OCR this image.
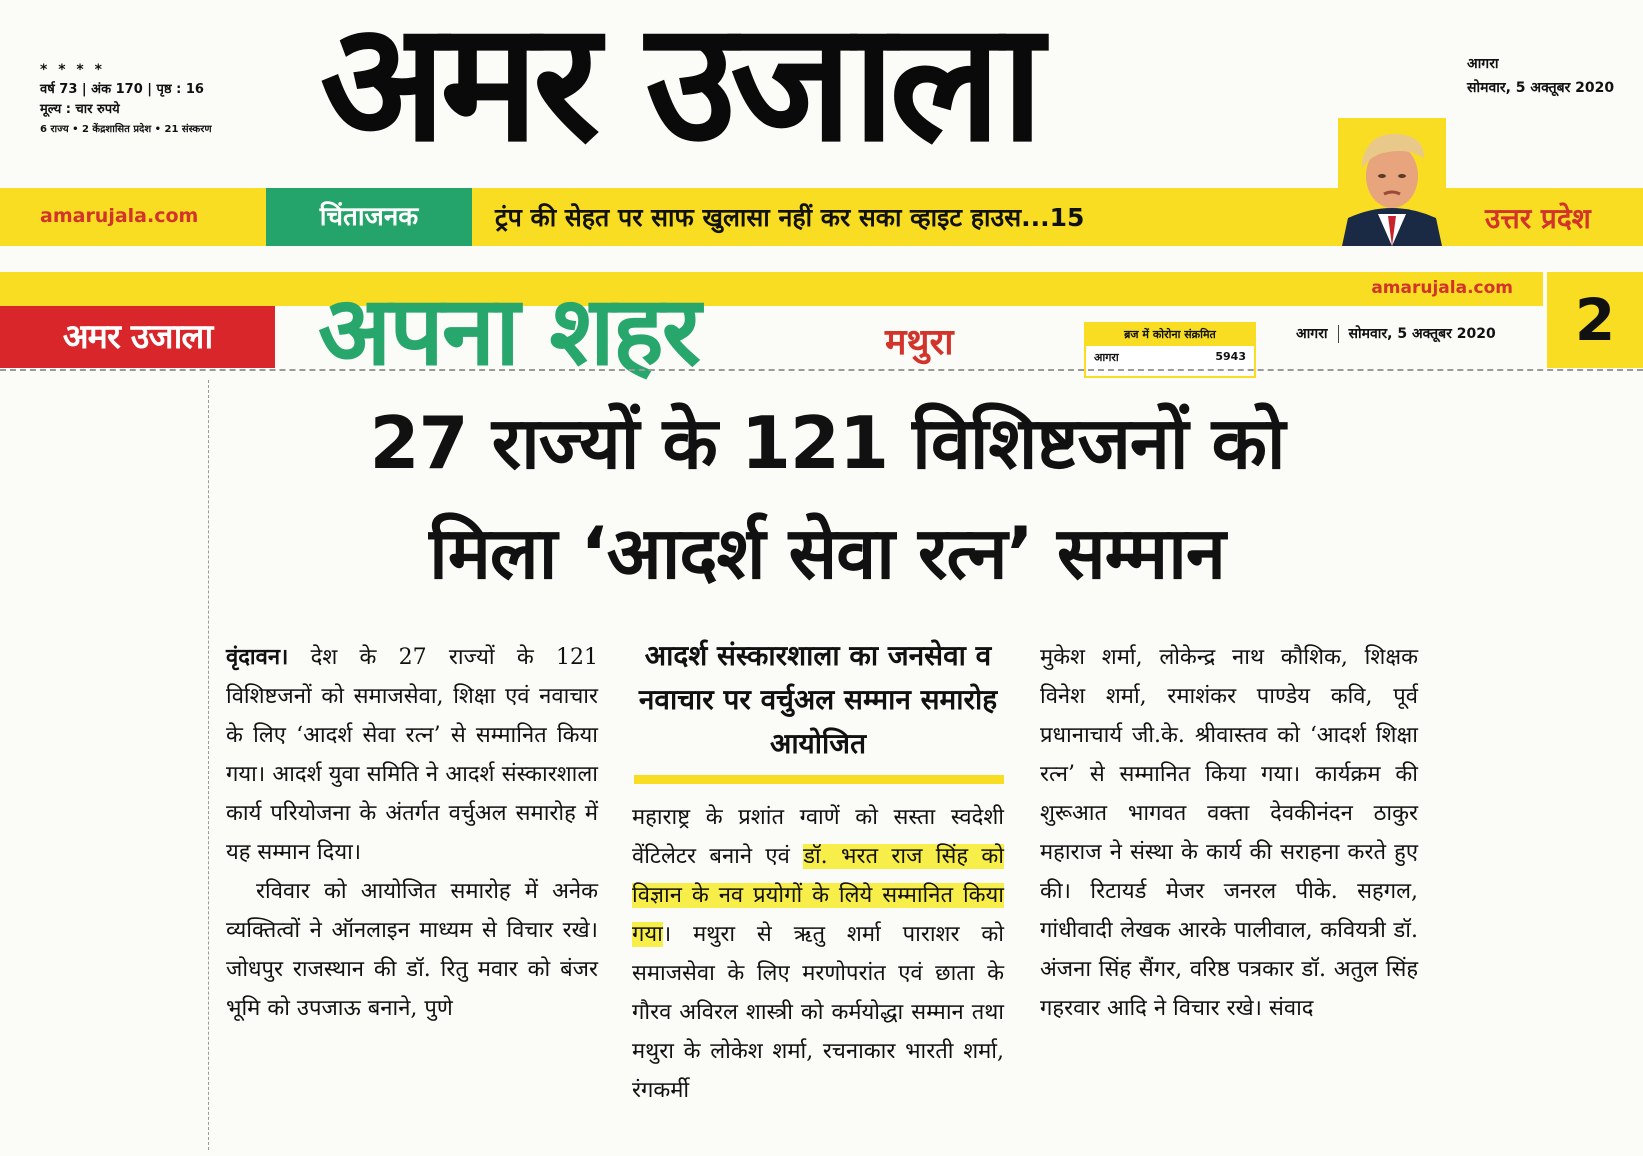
* * * *
वर्ष 73 | अंक 170 | पृष्ठ : 16
मूल्य : चार रुपये
6 राज्य • 2 केंद्रशासित प्रदेश • 21 संस्करण अमर उजाला	आगरा
सोमवार, 5 अक्तूबर 2020
amarujala.com	चिंताजनक	ट्रंप की सेहत पर साफ खुलासा नहीं कर सका व्हाइट हाउस...15	उत्तर प्रदेश
amarujala.com	2
अमर उजाला	अपना शहर	मथुरा	ब्रज में कोरोना संक्रमित
आगरा	5943
आगरा सोमवार, 5 अक्तूबर 2020
27 राज्यों के 121 विशिष्टजनों को
मिला ‘आदर्श सेवा रत्न’ सम्मान

वृंदावन। देश के 27 राज्यों के 121 विशिष्टजनों को समाजसेवा, शिक्षा एवं नवाचार के लिए ‘आदर्श सेवा रत्न’ से सम्मानित किया गया। आदर्श युवा समिति ने आदर्श संस्कारशाला कार्य परियोजना के अंतर्गत वर्चुअल समारोह में यह सम्मान दिया।

रविवार को आयोजित समारोह में अनेक व्यक्तित्वों ने ऑनलाइन माध्यम से विचार रखे। जोधपुर राजस्थान की डॉ. रितु मवार को बंजर भूमि को उपजाऊ बनाने, पुणे

आदर्श संस्कारशाला का जनसेवा व नवाचार पर वर्चुअल सम्मान समारोह आयोजित

महाराष्ट्र के प्रशांत ग्वाणें को सस्ता स्वदेशी वेंटिलेटर बनाने एवं डॉ. भरत राज सिंह को विज्ञान के नव प्रयोगों के लिये सम्मानित किया गया। मथुरा से ऋतु शर्मा पाराशर को समाजसेवा के लिए मरणोपरांत एवं छाता के गौरव अविरल शास्त्री को कर्मयोद्धा सम्मान तथा मथुरा के लोकेश शर्मा, रचनाकार भारती शर्मा, रंगकर्मी

मुकेश शर्मा, लोकेन्द्र नाथ कौशिक, शिक्षक विनेश शर्मा, रमाशंकर पाण्डेय कवि, पूर्व प्रधानाचार्य जी.के. श्रीवास्तव को ‘आदर्श शिक्षा रत्न’ से सम्मानित किया गया। कार्यक्रम की शुरूआत भागवत वक्ता देवकीनंदन ठाकुर महाराज ने संस्था के कार्य की सराहना करते हुए की। रिटायर्ड मेजर जनरल पीके. सहगल, गांधीवादी लेखक आरके पालीवाल, कवियत्री डॉ. अंजना सिंह सैंगर, वरिष्ठ पत्रकार डॉ. अतुल सिंह गहरवार आदि ने विचार रखे। संवाद
